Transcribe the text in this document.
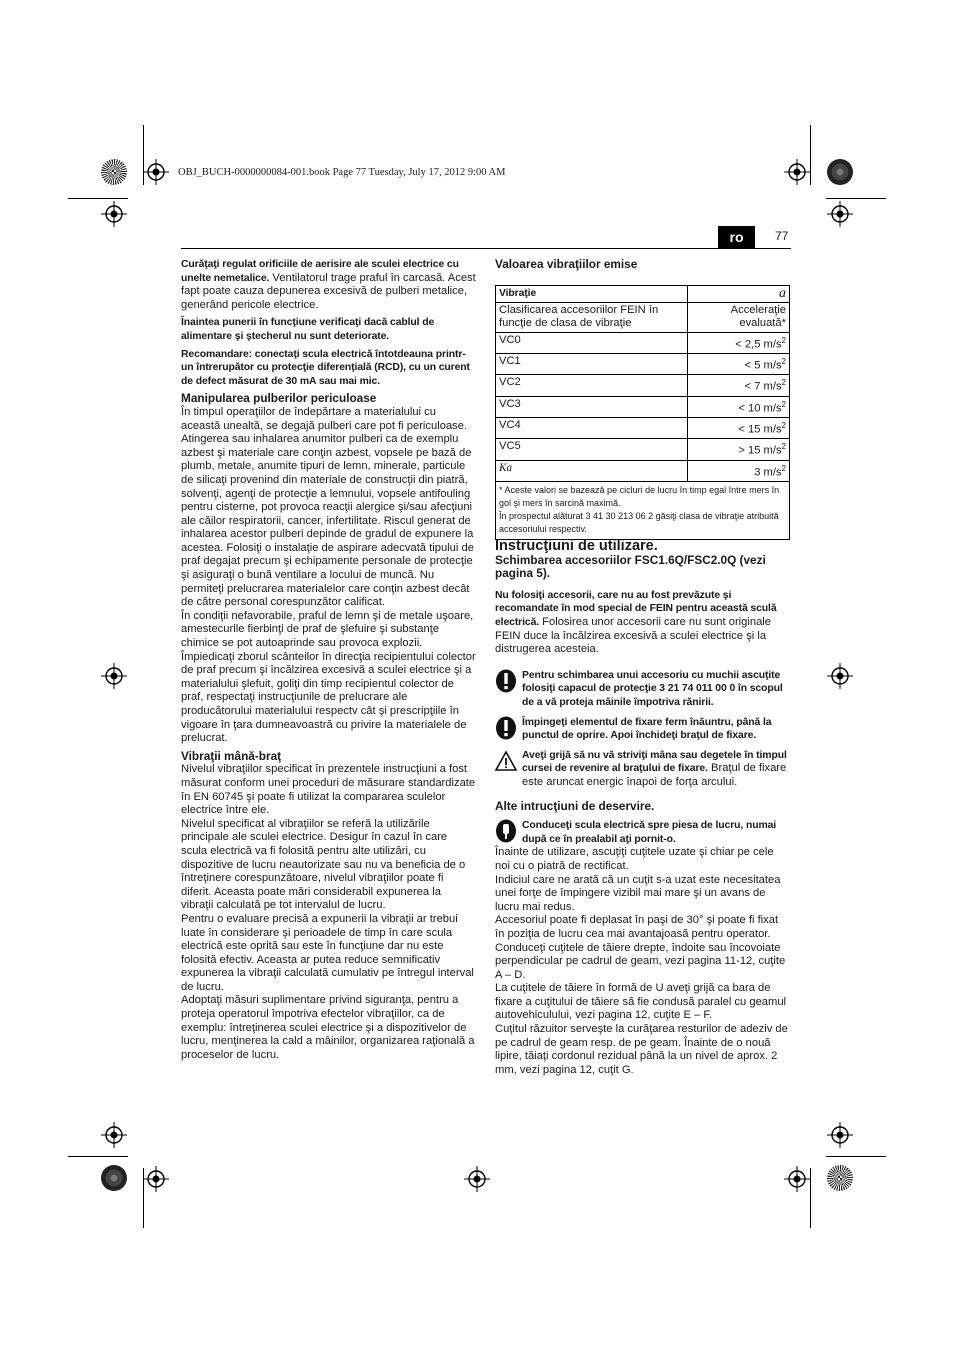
OBJ_BUCH-0000000084-001.book Page 77 Tuesday, July 17, 2012 9:00 AM
ro	77

Curăţaţi regulat orificiile de aerisire ale sculei electrice cu unelte nemetalice. Ventilatorul trage praful în carcasă. Acest fapt poate cauza depunerea excesivă de pulberi metalice, generând pericole electrice.

Înaintea punerii în funcţiune verificaţi dacă cablul de alimentare şi ştecherul nu sunt deteriorate.

Recomandare: conectaţi scula electrică întotdeauna printr-un întrerupător cu protecţie diferenţială (RCD), cu un curent de defect măsurat de 30 mA sau mai mic.

Manipularea pulberilor periculoase

În timpul operaţiilor de îndepărtare a materialului cu această unealtă, se degajă pulberi care pot fi periculoase.

Atingerea sau inhalarea anumitor pulberi ca de exemplu azbest şi materiale care conţin azbest, vopsele pe bază de plumb, metale, anumite tipuri de lemn, minerale, particule de silicaţi provenind din materiale de construcţii din piatră, solvenţi, agenţi de protecţie a lemnului, vopsele antifouling pentru cisterne, pot provoca reacţii alergice şi/sau afecţiuni ale căilor respiratorii, cancer, infertilitate. Riscul generat de inhalarea acestor pulberi depinde de gradul de expunere la acestea. Folosiţi o instalaţie de aspirare adecvată tipului de praf degajat precum şi echipamente personale de protecţie şi asiguraţi o bună ventilare a locului de muncă. Nu permiteţi prelucrarea materialelor care conţin azbest decât de către personal corespunzător calificat.

În condiţii nefavorabile, praful de lemn şi de metale uşoare, amestecurile fierbinţi de praf de şlefuire şi substanţe chimice se pot autoaprinde sau provoca explozii. Împiedicaţi zborul scânteilor în direcţia recipientului colector de praf precum şi încălzirea excesivă a sculei electrice şi a materialului şlefuit, goliţi din timp recipientul colector de praf, respectaţi instrucţiunile de prelucrare ale producătorului materialului respectv cât şi prescripţiile în vigoare în ţara dumneavoastră cu privire la materialele de prelucrat.

Vibraţii mână-braţ

Nivelul vibraţiilor specificat în prezentele instrucţiuni a fost măsurat conform unei proceduri de măsurare standardizate în EN 60745 şi poate fi utilizat la compararea sculelor electrice între ele.

Nivelul specificat al vibraţiilor se referă la utilizările principale ale sculei electrice. Desigur în cazul în care scula electrică va fi folosită pentru alte utilizări, cu dispozitive de lucru neautorizate sau nu va beneficia de o întreţinere corespunzătoare, nivelul vibraţiilor poate fi diferit. Aceasta poate mări considerabil expunerea la vibraţii calculată pe tot intervalul de lucru.

Pentru o evaluare precisă a expunerii la vibraţii ar trebui luate în considerare şi perioadele de timp în care scula electrică este oprită sau este în funcţiune dar nu este folosită efectiv. Aceasta ar putea reduce semnificativ expunerea la vibraţii calculată cumulativ pe întregul interval de lucru.

Adoptaţi măsuri suplimentare privind siguranţa, pentru a proteja operatorul împotriva efectelor vibraţiilor, ca de exemplu: întreţinerea sculei electrice şi a dispozitivelor de lucru, menţinerea la cald a mâinilor, organizarea raţională a proceselor de lucru.

Valoarea vibraţiilor emise

Vibraţie	a
Clasificarea accesoriilor FEIN în funcţie de clasa de vibraţie	Acceleraţie evaluată*
VC0	< 2,5 $m/s^2$
VC1	< 5 $m/s^2$
VC2	< 7 $m/s^2$
VC3	< 10 $m/s^2$
VC4	< 15 $m/s^2$
VC5	> 15 $m/s^2$
Ka	3 $m/s^2$

* Aceste valori se bazează pe cicluri de lucru în timp egal între mers în gol şi mers în sarcină maximă.
În prospectul alăturat 3 41 30 213 06 2 găsiţi clasa de vibraţie atribuită accesoriului respectiv.	

Instrucţiuni de utilizare.

Schimbarea accesoriilor FSC1.6Q/FSC2.0Q (vezi pagina 5).

Nu folosiţi accesorii, care nu au fost prevăzute şi recomandate în mod special de FEIN pentru această sculă electrică. Folosirea unor accesorii care nu sunt originale FEIN duce la încălzirea excesivă a sculei electrice şi la distrugerea acesteia.

Pentru schimbarea unui accesoriu cu muchii ascuţite folosiţi capacul de protecţie 3 21 74 011 00 0 în scopul de a vă proteja mâinile împotriva rănirii.

Împingeţi elementul de fixare ferm înăuntru, până la punctul de oprire. Apoi închideţi braţul de fixare.

Aveţi grijă să nu vă striviţi mâna sau degetele în timpul cursei de revenire al braţului de fixare. Braţul de fixare este aruncat energic înapoi de forţa arcului.

Alte intrucţiuni de deservire.

Conduceţi scula electrică spre piesa de lucru, numai după ce în prealabil aţi pornit-o.

Înainte de utilizare, ascuţiţi cuţitele uzate şi chiar pe cele noi cu o piatră de rectificat.

Indiciul care ne arată că un cuţit s-a uzat este necesitatea unei forţe de împingere vizibil mai mare şi un avans de lucru mai redus.

Accesoriul poate fi deplasat în paşi de 30° şi poate fi fixat în poziţia de lucru cea mai avantajoasă pentru operator.

Conduceţi cuţitele de tăiere drepte, îndoite sau încovoiate perpendicular pe cadrul de geam, vezi pagina 11-12, cuţite A – D.

La cuţitele de tăiere în formă de U aveţi grijă ca bara de fixare a cuţitului de tăiere să fie condusă paralel cu geamul autovehiculului, vezi pagina 12, cuţite E – F.

Cuţitul răzuitor serveşte la curăţarea resturilor de adeziv de pe cadrul de geam resp. de pe geam. Înainte de o nouă lipire, tăiaţi cordonul rezidual până la un nivel de aprox. 2 mm, vezi pagina 12, cuţit G.
